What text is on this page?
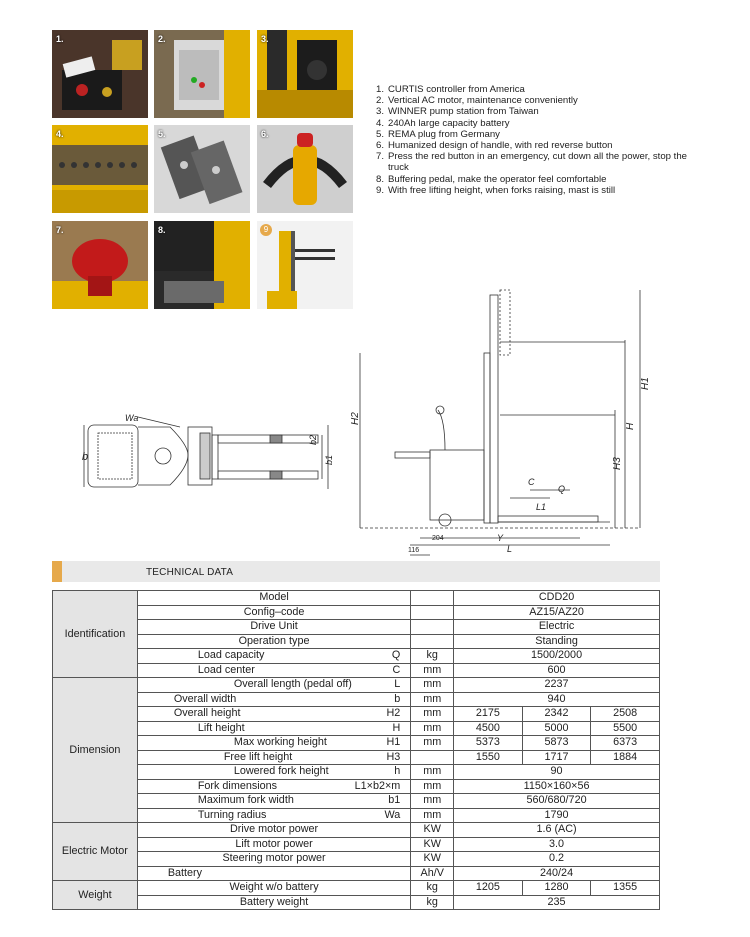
1.	2.	3.
4.	5.	6.
7.	8.	9
1. CURTIS controller from America
2. Vertical AC motor, maintenance conveniently
3. WINNER pump station from Taiwan
4. 240Ah large capacity battery
5. REMA plug from Germany
6. Humanized design of handle, with red reverse button
7. Press the red button in an emergency, cut down all the power, stop the truck
8. Buffering pedal, make the operator feel comfortable
9. With free lifting height, when forks raising, mast is still
b
Wa
b2
b1
H2
H1
H
H3
C
Q
L1
Y
L
204
116
TECHNICAL DATA
Identification	Model		CDD20		
	Config–code		AZ15/AZ20		
	Drive Unit		Electric		
	Operation type		Standing		

	Load capacity Q	kg	1500/2000		

	Load center C	mm	600		
Dimension	Overall length (pedal off) L	mm	2237		

	Overall width b	mm	940		

	Overall height H2	mm	2175	2342	2508

	Lift height H	mm	4500	5000	5500

	Max working height H1	mm	5373	5873	6373

	Free lift height H3		1550	1717	1884

	Lowered fork height h	mm	90		

	Fork dimensions L1×b2×m	mm	1150×160×56		

	Maximum fork width b1	mm	560/680/720		

	Turning radius Wa	mm	1790		
Electric Motor	Drive motor power	KW	1.6 (AC)		
	Lift motor power	KW	3.0		
	Steering motor power	KW	0.2		

	Battery	Ah/V	240/24		
Weight	Weight w/o battery	kg	1205	1280	1355
	Battery weight	kg	235		
